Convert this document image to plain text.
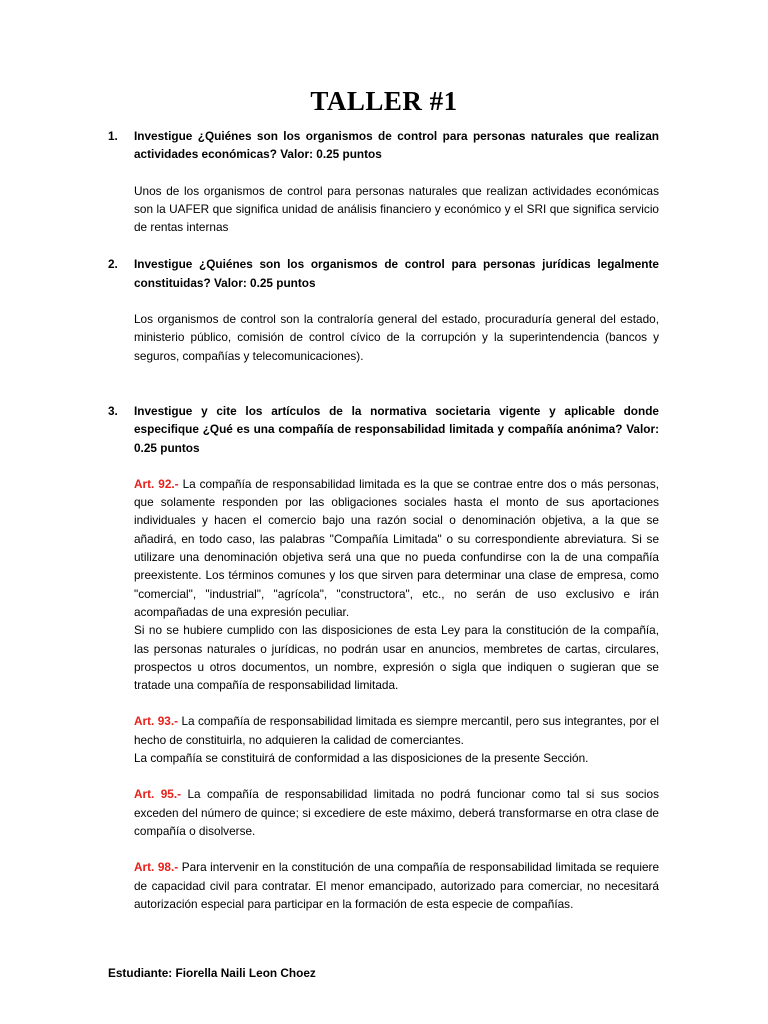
TALLER #1
1. Investigue ¿Quiénes son los organismos de control para personas naturales que realizan actividades económicas? Valor: 0.25 puntos
Unos de los organismos de control para personas naturales que realizan actividades económicas son la UAFER que significa unidad de análisis financiero y económico y el SRI que significa servicio de rentas internas
2. Investigue ¿Quiénes son los organismos de control para personas jurídicas legalmente constituidas? Valor: 0.25 puntos
Los organismos de control son la contraloría general del estado, procuraduría general del estado, ministerio público, comisión de control cívico de la corrupción y la superintendencia (bancos y seguros, compañías y telecomunicaciones).
3. Investigue y cite los artículos de la normativa societaria vigente y aplicable donde especifique ¿Qué es una compañía de responsabilidad limitada y compañía anónima? Valor: 0.25 puntos
Art. 92.- La compañía de responsabilidad limitada es la que se contrae entre dos o más personas, que solamente responden por las obligaciones sociales hasta el monto de sus aportaciones individuales y hacen el comercio bajo una razón social o denominación objetiva, a la que se añadirá, en todo caso, las palabras "Compañía Limitada" o su correspondiente abreviatura. Si se utilizare una denominación objetiva será una que no pueda confundirse con la de una compañía preexistente. Los términos comunes y los que sirven para determinar una clase de empresa, como "comercial", "industrial", "agrícola", "constructora", etc., no serán de uso exclusivo e irán acompañadas de una expresión peculiar.
Si no se hubiere cumplido con las disposiciones de esta Ley para la constitución de la compañía, las personas naturales o jurídicas, no podrán usar en anuncios, membretes de cartas, circulares, prospectos u otros documentos, un nombre, expresión o sigla que indiquen o sugieran que se tratade una compañía de responsabilidad limitada.
Art. 93.- La compañía de responsabilidad limitada es siempre mercantil, pero sus integrantes, por el hecho de constituirla, no adquieren la calidad de comerciantes.
La compañía se constituirá de conformidad a las disposiciones de la presente Sección.
Art. 95.- La compañía de responsabilidad limitada no podrá funcionar como tal si sus socios exceden del número de quince; si excediere de este máximo, deberá transformarse en otra clase de compañía o disolverse.
Art. 98.- Para intervenir en la constitución de una compañía de responsabilidad limitada se requiere de capacidad civil para contratar. El menor emancipado, autorizado para comerciar, no necesitará autorización especial para participar en la formación de esta especie de compañías.
Estudiante: Fiorella Naili Leon Choez
